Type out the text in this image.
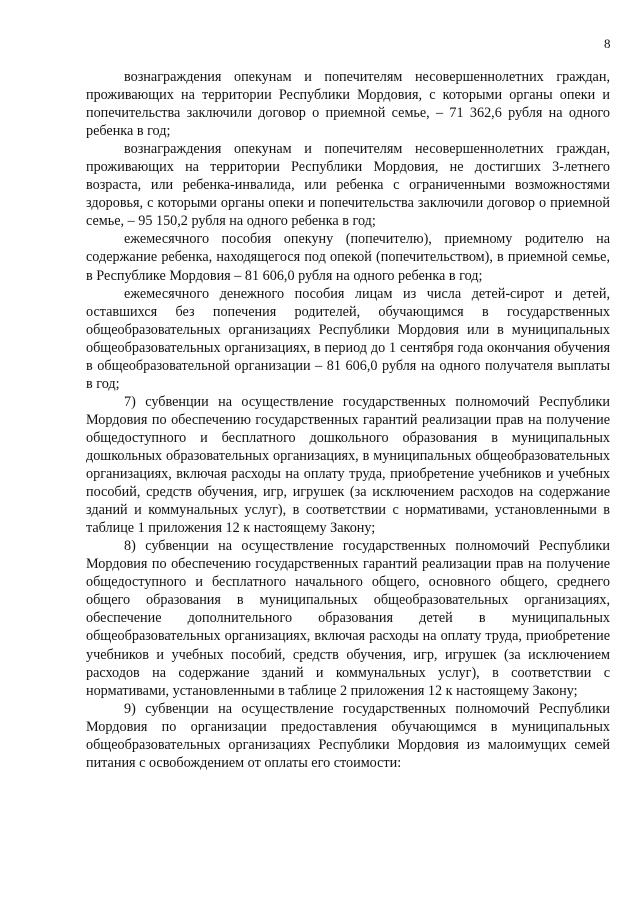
8

вознаграждения опекунам и попечителям несовершеннолетних граждан, проживающих на территории Республики Мордовия, с которыми органы опеки и попечительства заключили договор о приемной семье, – 71 362,6 рубля на одного ребенка в год;

вознаграждения опекунам и попечителям несовершеннолетних граждан, проживающих на территории Республики Мордовия, не достигших 3-летнего возраста, или ребенка-инвалида, или ребенка с ограниченными возможностями здоровья, с которыми органы опеки и попечительства заключили договор о приемной семье, – 95 150,2 рубля на одного ребенка в год;

ежемесячного пособия опекуну (попечителю), приемному родителю на содержание ребенка, находящегося под опекой (попечительством), в приемной семье, в Республике Мордовия – 81 606,0 рубля на одного ребенка в год;

ежемесячного денежного пособия лицам из числа детей-сирот и детей, оставшихся без попечения родителей, обучающимся в государственных общеобразовательных организациях Республики Мордовия или в муниципальных общеобразовательных организациях, в период до 1 сентября года окончания обучения в общеобразовательной организации – 81 606,0 рубля на одного получателя выплаты в год;

7) субвенции на осуществление государственных полномочий Республики Мордовия по обеспечению государственных гарантий реализации прав на получение общедоступного и бесплатного дошкольного образования в муниципальных дошкольных образовательных организациях, в муниципальных общеобразовательных организациях, включая расходы на оплату труда, приобретение учебников и учебных пособий, средств обучения, игр, игрушек (за исключением расходов на содержание зданий и коммунальных услуг), в соответствии с нормативами, установленными в таблице 1 приложения 12 к настоящему Закону;

8) субвенции на осуществление государственных полномочий Республики Мордовия по обеспечению государственных гарантий реализации прав на получение общедоступного и бесплатного начального общего, основного общего, среднего общего образования в муниципальных общеобразовательных организациях, обеспечение дополнительного образования детей в муниципальных общеобразовательных организациях, включая расходы на оплату труда, приобретение учебников и учебных пособий, средств обучения, игр, игрушек (за исключением расходов на содержание зданий и коммунальных услуг), в соответствии с нормативами, установленными в таблице 2 приложения 12 к настоящему Закону;

9) субвенции на осуществление государственных полномочий Республики Мордовия по организации предоставления обучающимся в муниципальных общеобразовательных организациях Республики Мордовия из малоимущих семей питания с освобождением от оплаты его стоимости:
